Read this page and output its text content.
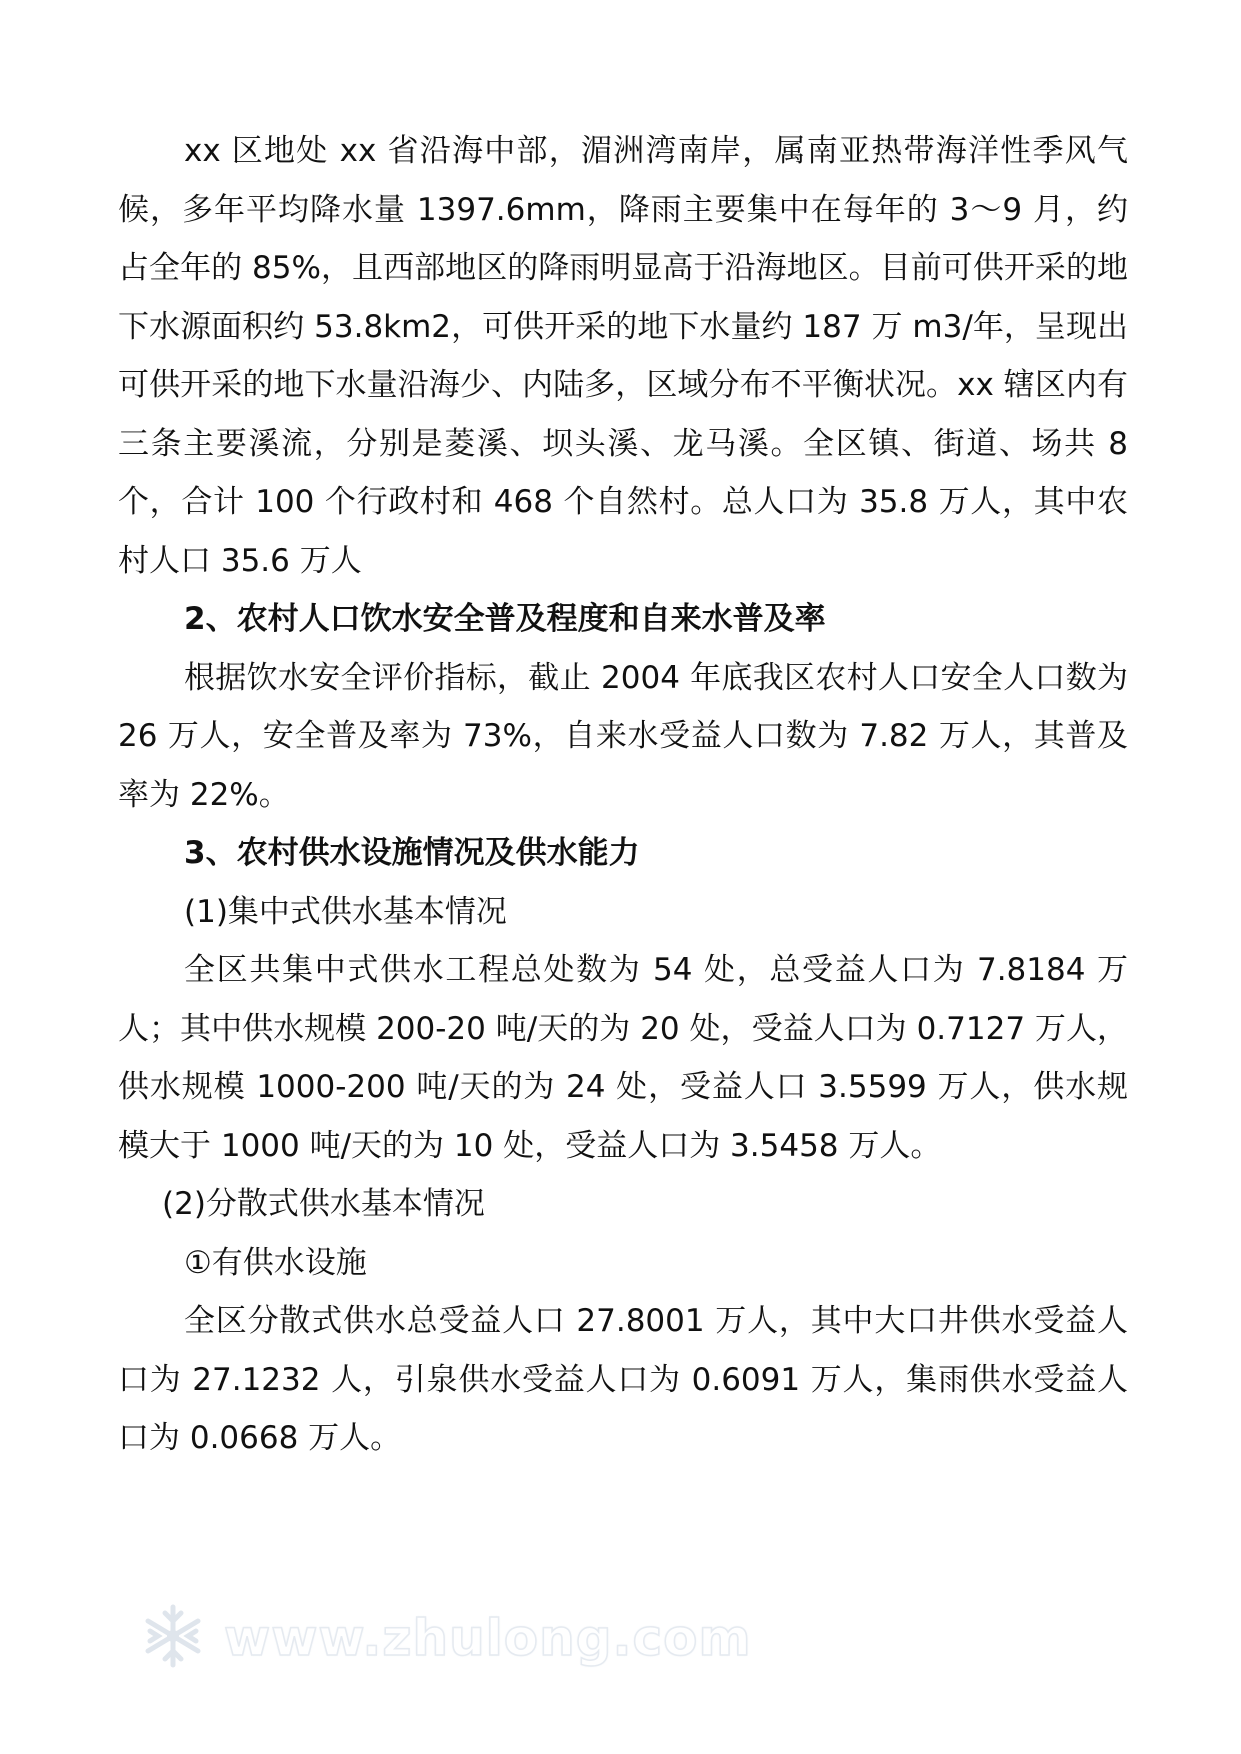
xx 区地处 xx 省沿海中部，湄洲湾南岸，属南亚热带海洋性季风气候，多年平均降水量 1397.6mm，降雨主要集中在每年的 3～9 月，约占全年的 85%，且西部地区的降雨明显高于沿海地区。目前可供开采的地下水源面积约 53.8km2，可供开采的地下水量约 187 万 m3/年，呈现出可供开采的地下水量沿海少、内陆多，区域分布不平衡状况。xx 辖区内有三条主要溪流，分别是菱溪、坝头溪、龙马溪。全区镇、街道、场共 8 个，合计 100 个行政村和 468 个自然村。总人口为 35.8 万人，其中农村人口 35.6 万人

2、农村人口饮水安全普及程度和自来水普及率

根据饮水安全评价指标，截止 2004 年底我区农村人口安全人口数为 26 万人，安全普及率为 73%，自来水受益人口数为 7.82 万人，其普及率为 22%。

3、农村供水设施情况及供水能力

(1)集中式供水基本情况

全区共集中式供水工程总处数为 54 处，总受益人口为 7.8184 万人；其中供水规模 200-20 吨/天的为 20 处，受益人口为 0.7127 万人，供水规模 1000-200 吨/天的为 24 处，受益人口 3.5599 万人，供水规模大于 1000 吨/天的为 10 处，受益人口为 3.5458 万人。

(2)分散式供水基本情况

①有供水设施

全区分散式供水总受益人口 27.8001 万人，其中大口井供水受益人口为 27.1232 人，引泉供水受益人口为 0.6091 万人，集雨供水受益人口为 0.0668 万人。

www.zhulong.com
